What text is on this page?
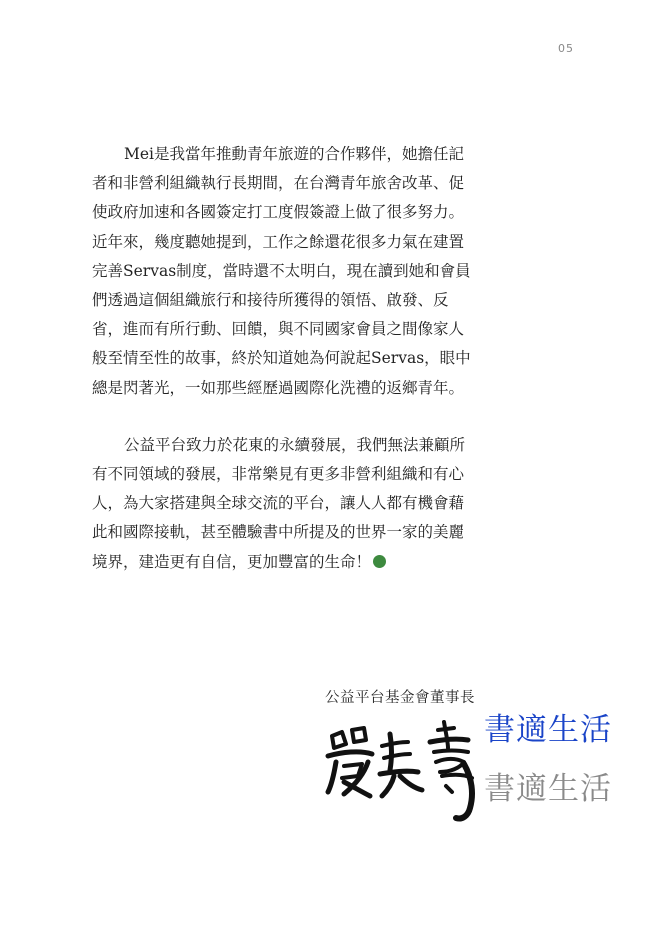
05

Mei是我當年推動青年旅遊的合作夥伴，她擔任記
者和非營利組織執行長期間，在台灣青年旅舍改革、促
使政府加速和各國簽定打工度假簽證上做了很多努力。
近年來，幾度聽她提到，工作之餘還花很多力氣在建置
完善Servas制度，當時還不太明白，現在讀到她和會員
們透過這個組織旅行和接待所獲得的領悟、啟發、反
省，進而有所行動、回饋，與不同國家會員之間像家人
般至情至性的故事，終於知道她為何說起Servas，眼中
總是閃著光，一如那些經歷過國際化洗禮的返鄉青年。

公益平台致力於花東的永續發展，我們無法兼顧所
有不同領域的發展，非常樂見有更多非營利組織和有心
人，為大家搭建與全球交流的平台，讓人人都有機會藉
此和國際接軌，甚至體驗書中所提及的世界一家的美麗
境界，建造更有自信，更加豐富的生命！

公益平台基金會董事長
書適生活
書適生活
